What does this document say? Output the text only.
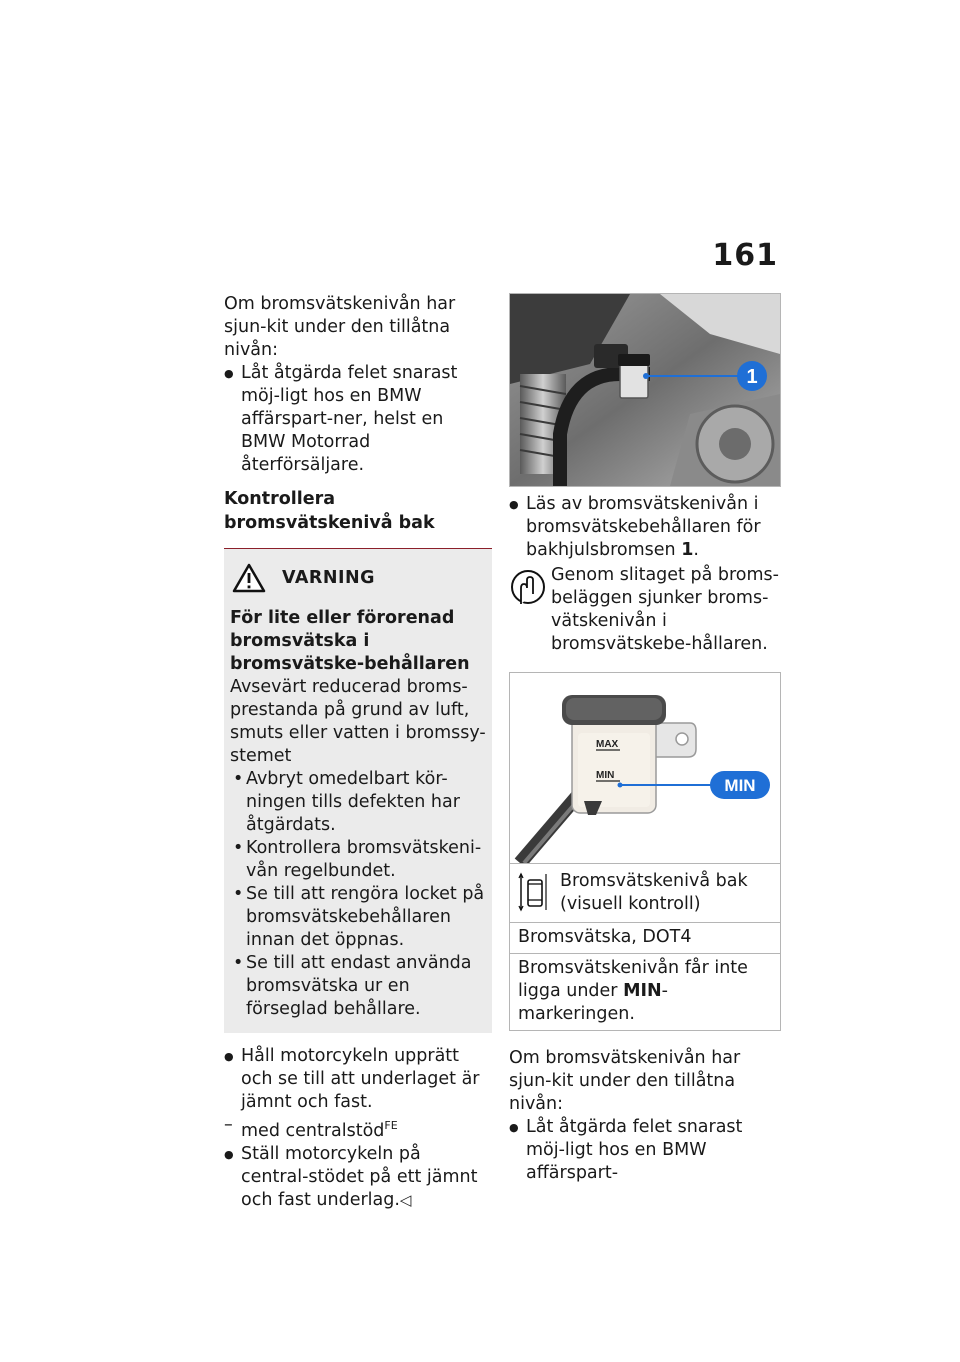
161

Om bromsvätskenivån har sjun-kit under den tillåtna nivån:

● Låt åtgärda felet snarast möj-ligt hos en BMW affärspart-ner, helst en BMW Motorrad återförsäljare.

Kontrollera bromsvätskenivå bak

VARNING

För lite eller förorenad bromsvätska i bromsvätske-behållaren

Avsevärt reducerad broms-prestanda på grund av luft, smuts eller vatten i bromssy-stemet

• Avbryt omedelbart kör-ningen tills defekten har åtgärdats.

• Kontrollera bromsvätskeni-vån regelbundet.

• Se till att rengöra locket på bromsvätskebehållaren innan det öppnas.

• Se till att endast använda bromsvätska ur en förseglad behållare.

● Håll motorcykeln upprätt och se till att underlaget är jämnt och fast.

– med centralstöd$^{FE}$

● Ställ motorcykeln på central-stödet på ett jämnt och fast underlag.◁

1

● Läs av bromsvätskenivån i bromsvätskebehållaren för bakhjulsbromsen 1.

Genom slitaget på broms-beläggen sjunker broms-vätskenivån i bromsvätskebe-hållaren.
MAX
MIN
MIN
Bromsvätskenivå bak (visuell kontroll)
Bromsvätska, DOT4
Bromsvätskenivån får inte ligga under MIN-markeringen.

Om bromsvätskenivån har sjun-kit under den tillåtna nivån:

● Låt åtgärda felet snarast möj-ligt hos en BMW affärspart-
